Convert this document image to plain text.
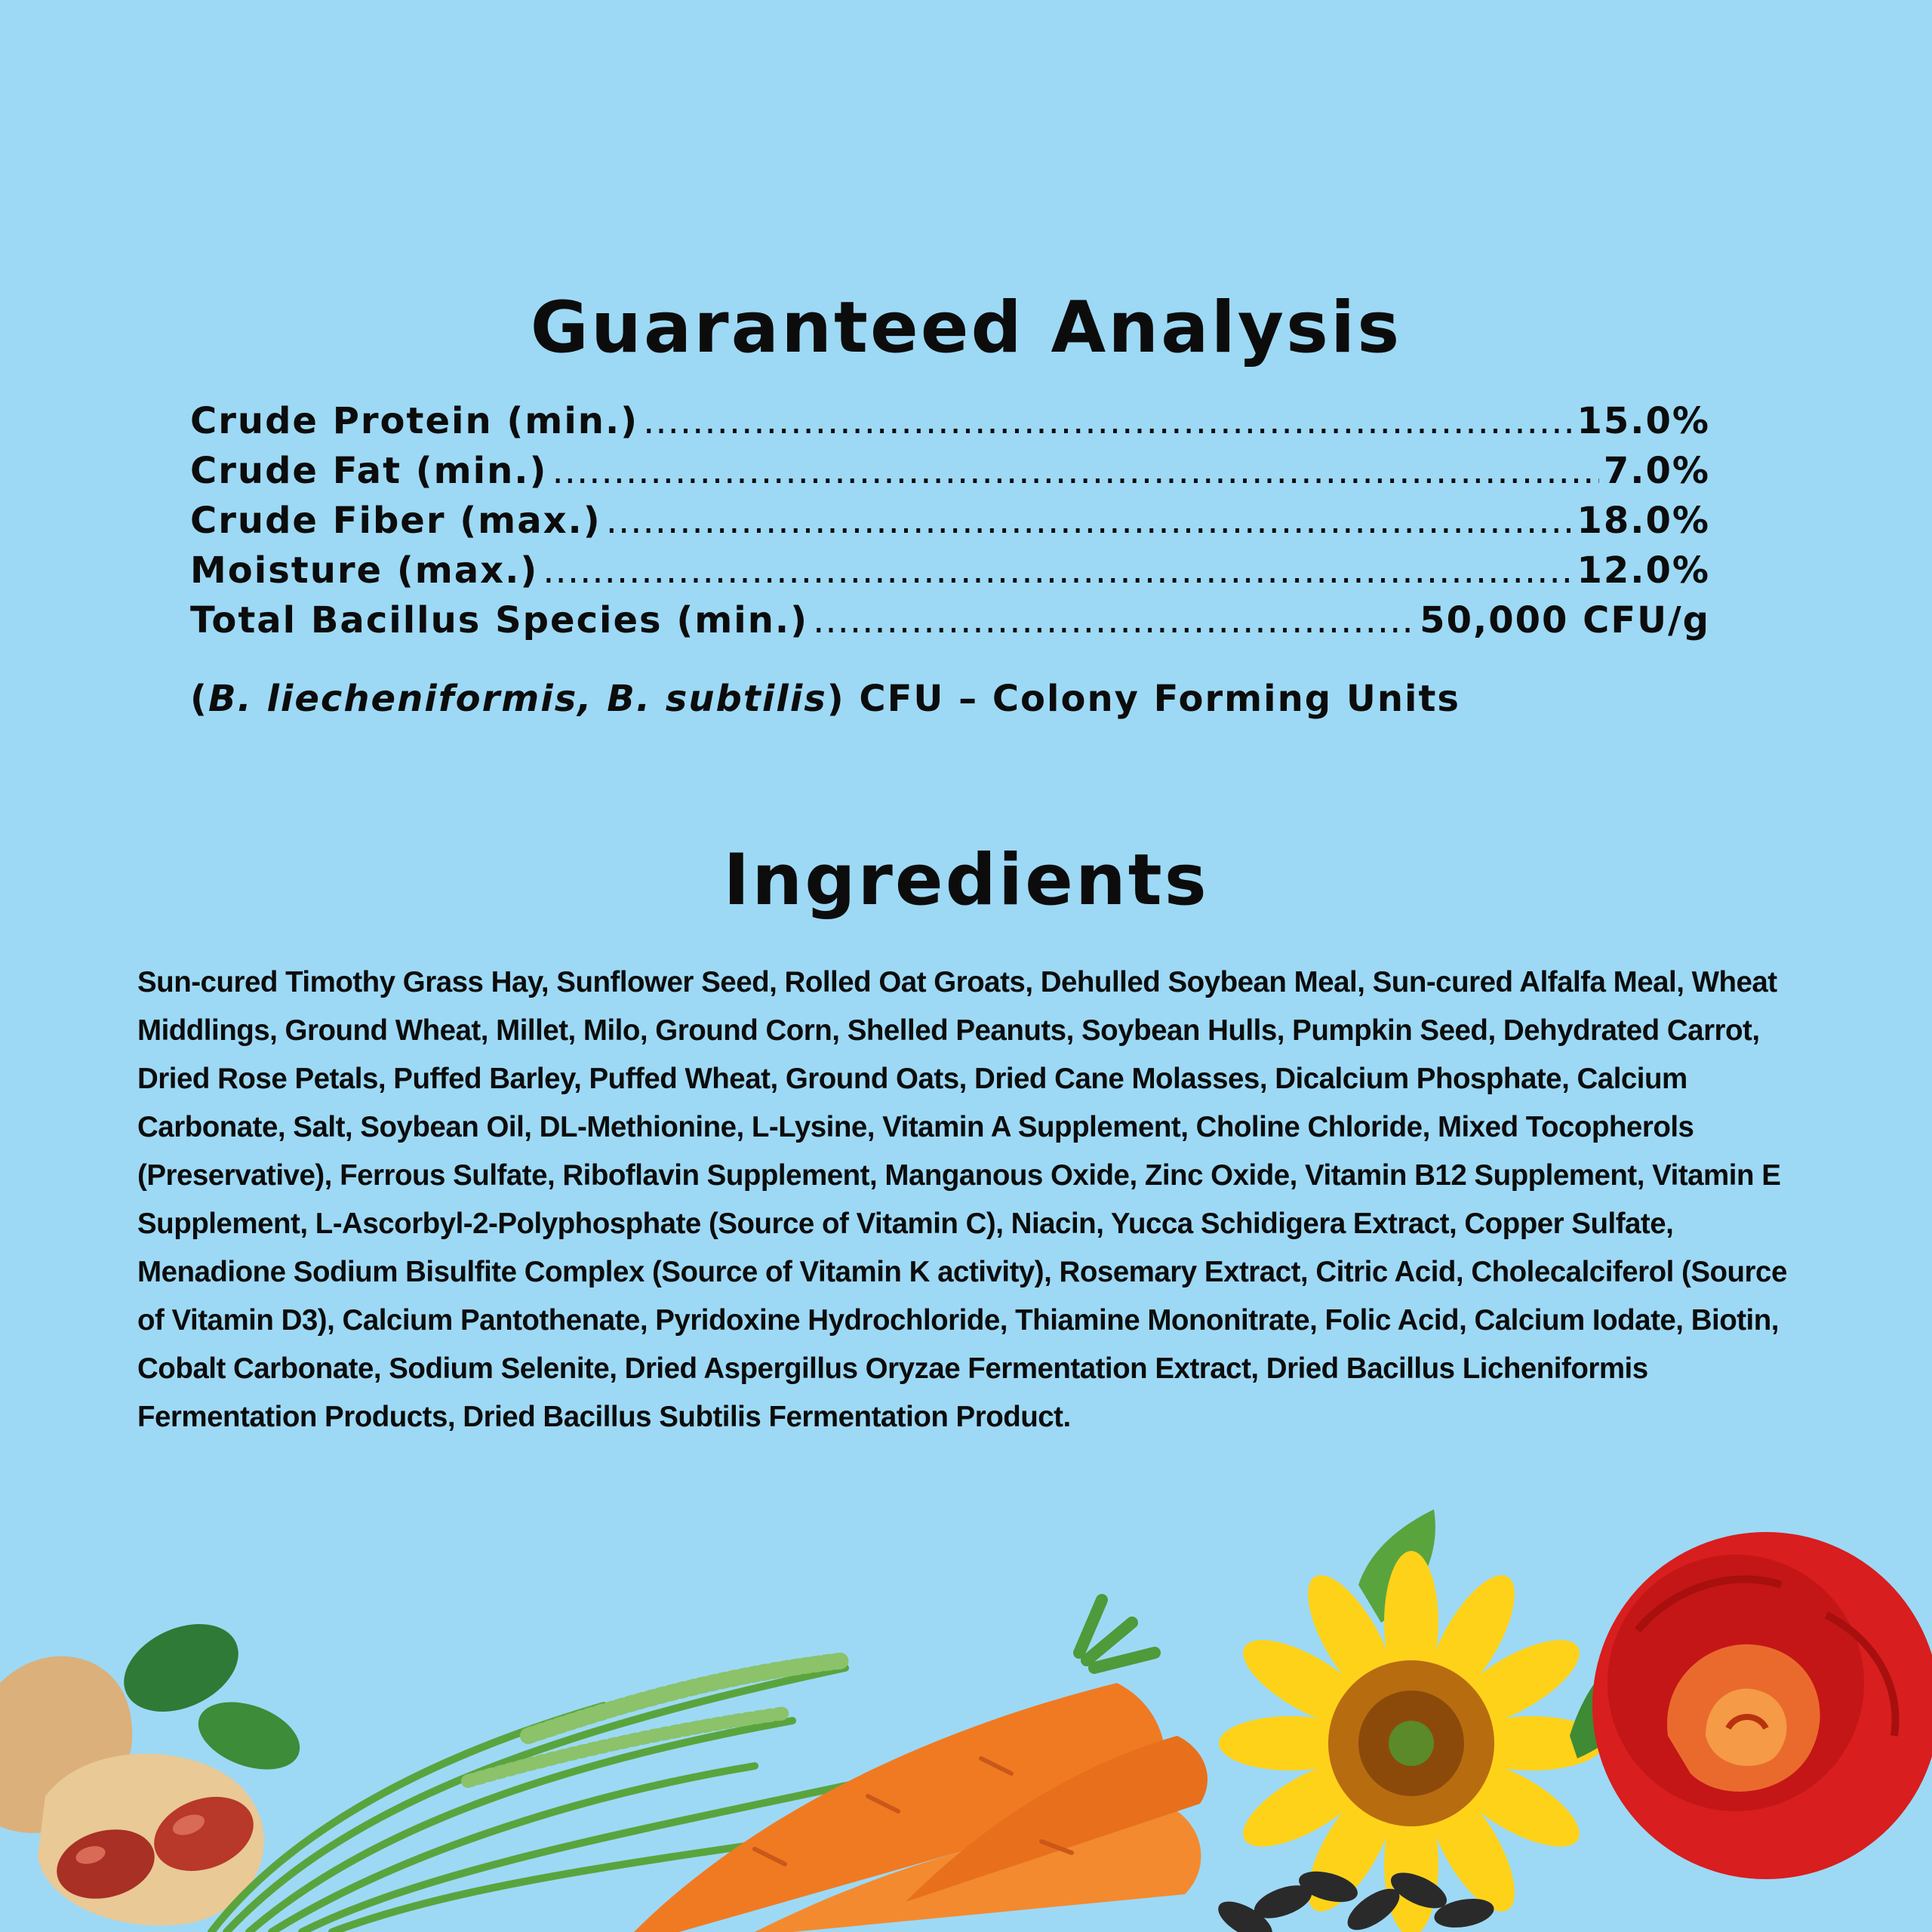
Guaranteed Analysis
Crude Protein (min.) .....	15.0%
Crude Fat (min.) .....	7.0%
Crude Fiber (max.) .....	18.0%
Moisture (max.) .....	12.0%
Total Bacillus Species (min.) .....	50,000 CFU/g
(B. liecheniformis, B. subtilis) CFU – Colony Forming Units
Ingredients

Sun-cured Timothy Grass Hay, Sunflower Seed, Rolled Oat Groats, Dehulled Soybean Meal, Sun-cured Alfalfa Meal, Wheat Middlings, Ground Wheat, Millet, Milo, Ground Corn, Shelled Peanuts, Soybean Hulls, Pumpkin Seed, Dehydrated Carrot, Dried Rose Petals, Puffed Barley, Puffed Wheat, Ground Oats, Dried Cane Molasses, Dicalcium Phosphate, Calcium Carbonate, Salt, Soybean Oil, DL-Methionine, L-Lysine, Vitamin A Supplement, Choline Chloride, Mixed Tocopherols (Preservative), Ferrous Sulfate, Riboflavin Supplement, Manganous Oxide, Zinc Oxide, Vitamin B12 Supplement, Vitamin E Supplement, L-Ascorbyl-2-Polyphosphate (Source of Vitamin C), Niacin, Yucca Schidigera Extract, Copper Sulfate, Menadione Sodium Bisulfite Complex (Source of Vitamin K activity), Rosemary Extract, Citric Acid, Cholecalciferol (Source of Vitamin D3), Calcium Pantothenate, Pyridoxine Hydrochloride, Thiamine Mononitrate, Folic Acid, Calcium Iodate, Biotin, Cobalt Carbonate, Sodium Selenite, Dried Aspergillus Oryzae Fermentation Extract, Dried Bacillus Licheniformis Fermentation Products, Dried Bacillus Subtilis Fermentation Product.
